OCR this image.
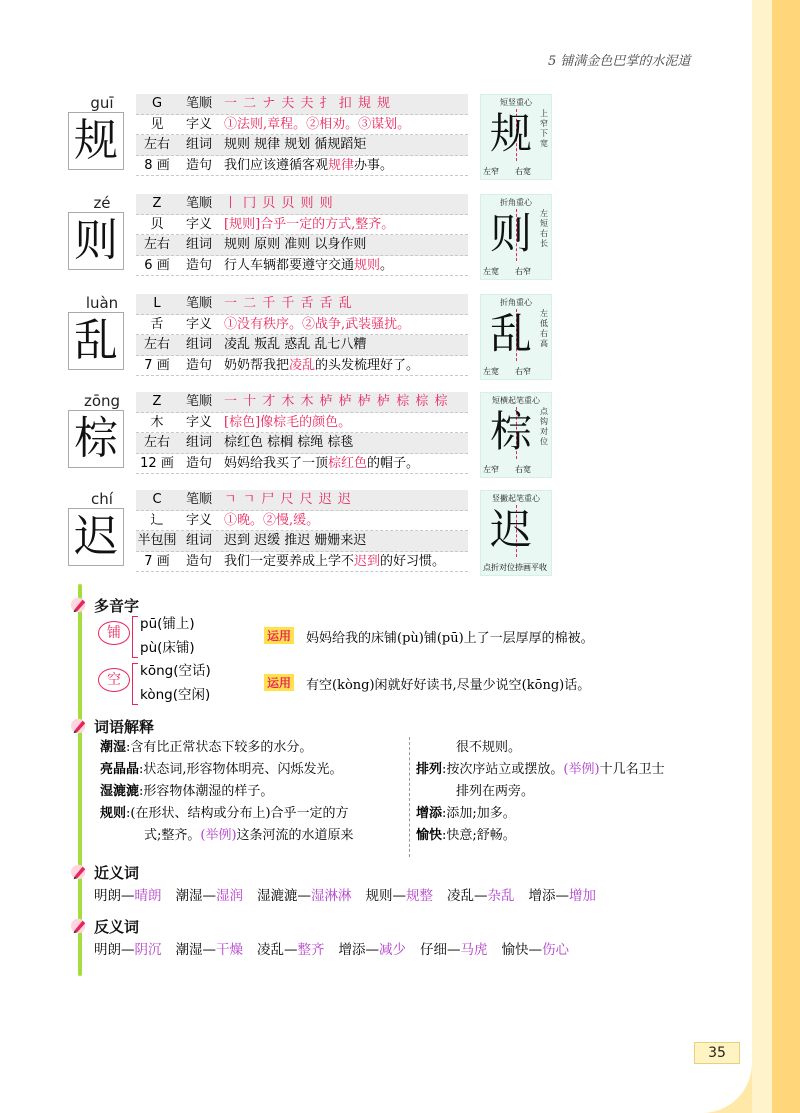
5 铺满金色巴掌的水泥道
guī
规
G	笔顺 一 二 ナ 夫 夫 扌 扣 規 规
见	字义 ①法则,章程。②相劝。③谋划。
左右	组词 规则 规律 规划 循规蹈矩
8 画	造句 我们应该遵循客观规律办事。
短竖重心
规 上窄下宽
左窄 右宽
zé
则
Z	笔顺 丨 冂 贝 贝 则 则
贝	字义 [规则]合乎一定的方式,整齐。
左右	组词 规则 原则 准则 以身作则
6 画	造句 行人车辆都要遵守交通规则。
折角重心
则 左短右长
左宽 右窄
luàn
乱
L	笔顺 一 二 千 千 舌 舌 乱
舌	字义 ①没有秩序。②战争,武装骚扰。
左右	组词 凌乱 叛乱 惑乱 乱七八糟
7 画	造句 奶奶帮我把凌乱的头发梳理好了。
折角重心
乱 左低右高
左宽 右窄
zōng
棕
Z	笔顺 一 十 才 木 木 栌 栌 栌 栌 棕 棕 棕
木	字义 [棕色]像棕毛的颜色。
左右	组词 棕红色 棕榈 棕绳 棕毯
12 画 造句 妈妈给我买了一顶棕红色的帽子。
短横起笔重心
棕 点钩对位
左窄 右宽
chí
迟
C	笔顺 ㄱ ㄱ 尸 尺 尺 迟 迟
辶	字义 ①晚。②慢,缓。
半包围 组词 迟到 迟缓 推迟 姗姗来迟
7 画	造句 我们一定要养成上学不迟到的好习惯。
竖撇起笔重心
迟
点折对位 捺画平收
多音字
铺
pū(铺上)
pù(床铺)
运用 妈妈给我的床铺(pù)铺(pū)上了一层厚厚的棉被。
空
kōng(空话)
kòng(空闲)
运用 有空(kòng)闲就好好读书,尽量少说空(kōng)话。
词语解释
潮湿:含有比正常状态下较多的水分。
亮晶晶:状态词,形容物体明亮、闪烁发光。
湿漉漉:形容物体潮湿的样子。
规则:(在形状、结构或分布上)合乎一定的方
式;整齐。(举例)这条河流的水道原来
很不规则。
排列:按次序站立或摆放。(举例)十几名卫士
排列在两旁。
增添:添加;加多。
愉快:快意;舒畅。
近义词
明朗—晴朗 潮湿—湿润 湿漉漉—湿淋淋 规则—规整 凌乱—杂乱 增添—增加
反义词
明朗—阴沉 潮湿—干燥 凌乱—整齐 增添—减少 仔细—马虎 愉快—伤心
35
